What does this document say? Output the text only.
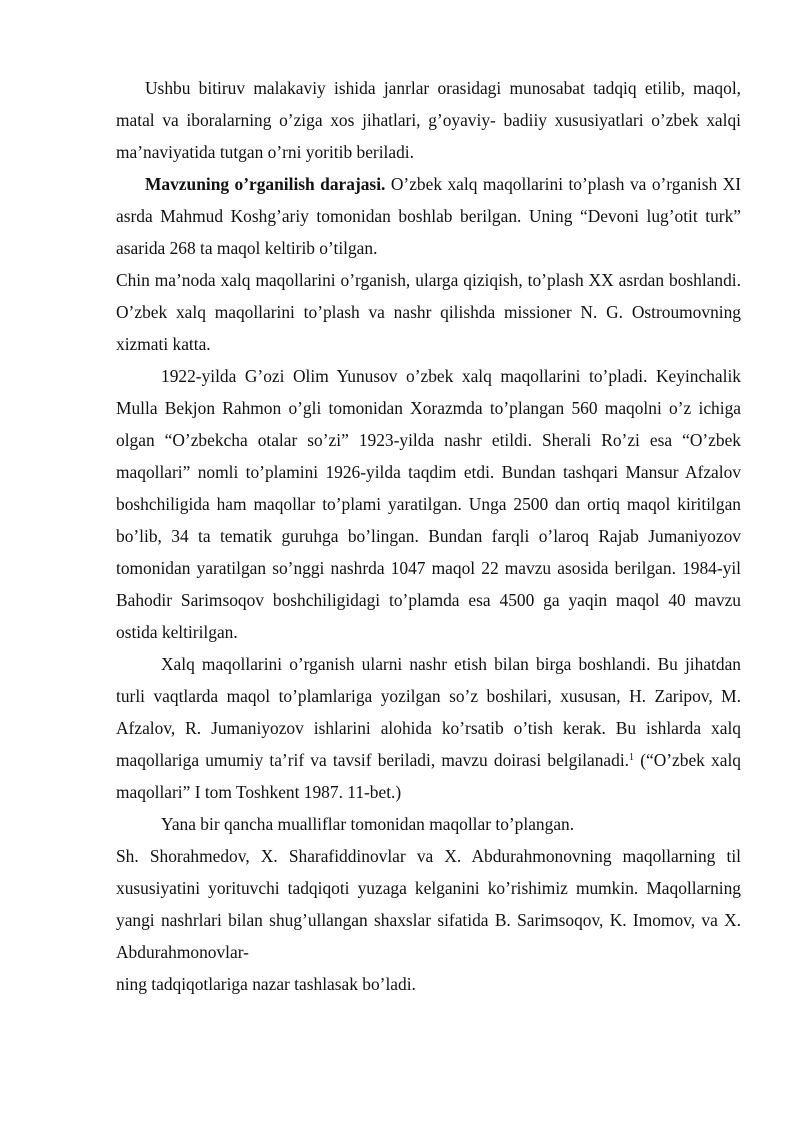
Ushbu bitiruv malakaviy ishida janrlar orasidagi munosabat tadqiq etilib, maqol, matal va iboralarning o’ziga xos jihatlari, g’oyaviy- badiiy xususiyatlari o’zbek xalqi ma’naviyatida tutgan o’rni yoritib beriladi.

Mavzuning o’rganilish darajasi. O’zbek xalq maqollarini to’plash va o’rganish XI asrda Mahmud Koshg’ariy tomonidan boshlab berilgan. Uning “Devoni lug’otit turk” asarida 268 ta maqol keltirib o’tilgan.

Chin ma’noda xalq maqollarini o’rganish, ularga qiziqish, to’plash XX asrdan boshlandi. O’zbek xalq maqollarini to’plash va nashr qilishda missioner N. G. Ostroumovning xizmati katta.

1922-yilda G’ozi Olim Yunusov o’zbek xalq maqollarini to’pladi. Keyinchalik Mulla Bekjon Rahmon o’gli tomonidan Xorazmda to’plangan 560 maqolni o’z ichiga olgan “O’zbekcha otalar so’zi” 1923-yilda nashr etildi. Sherali Ro’zi esa “O’zbek maqollari” nomli to’plamini 1926-yilda taqdim etdi. Bundan tashqari Mansur Afzalov boshchiligida ham maqollar to’plami yaratilgan. Unga 2500 dan ortiq maqol kiritilgan bo’lib, 34 ta tematik guruhga bo’lingan. Bundan farqli o’laroq Rajab Jumaniyozov tomonidan yaratilgan so’nggi nashrda 1047 maqol 22 mavzu asosida berilgan. 1984-yil Bahodir Sarimsoqov boshchiligidagi to’plamda esa 4500 ga yaqin maqol 40 mavzu ostida keltirilgan.

Xalq maqollarini o’rganish ularni nashr etish bilan birga boshlandi. Bu jihatdan turli vaqtlarda maqol to’plamlariga yozilgan so’z boshilari, xususan, H. Zaripov, M. Afzalov, R. Jumaniyozov ishlarini alohida ko’rsatib o’tish kerak. Bu ishlarda xalq maqollariga umumiy ta’rif va tavsif beriladi, mavzu doirasi belgilanadi.$^1$ (“O’zbek xalq maqollari” I tom Toshkent 1987. 11-bet.)

Yana bir qancha mualliflar tomonidan maqollar to’plangan.

Sh. Shorahmedov, X. Sharafiddinovlar va X. Abdurahmonovning maqollarning til xususiyatini yorituvchi tadqiqoti yuzaga kelganini ko’rishimiz mumkin. Maqollarning yangi nashrlari bilan shug’ullangan shaxslar sifatida B. Sarimsoqov, K. Imomov, va X. Abdurahmonovlar-

ning tadqiqotlariga nazar tashlasak bo’ladi.
